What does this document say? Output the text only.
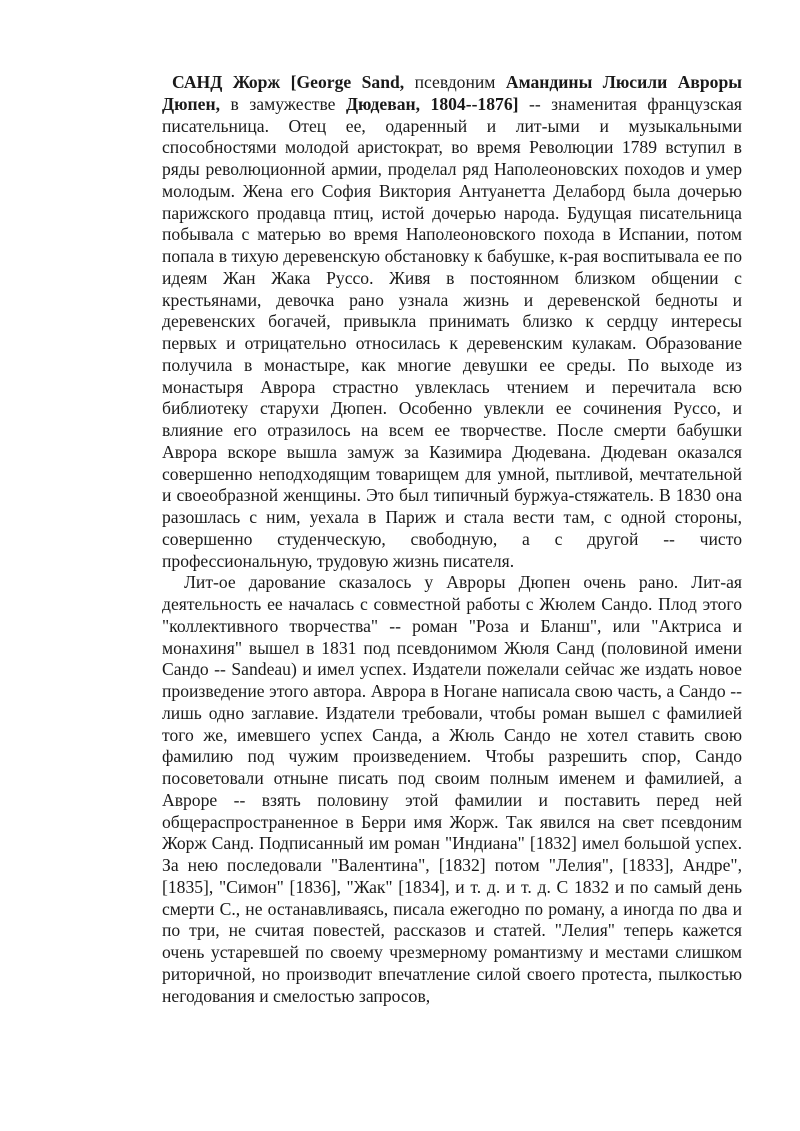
САНД Жорж [George Sand, псевдоним Амандины Люсили Авроры Дюпен, в замужестве Дюдеван, 1804--1876] -- знаменитая французская писательница. Отец ее, одаренный и лит-ыми и музыкальными способностями молодой аристократ, во время Революции 1789 вступил в ряды революционной армии, проделал ряд Наполеоновских походов и умер молодым. Жена его София Виктория Антуанетта Делаборд была дочерью парижского продавца птиц, истой дочерью народа. Будущая писательница побывала с матерью во время Наполеоновского похода в Испании, потом попала в тихую деревенскую обстановку к бабушке, к-рая воспитывала ее по идеям Жан Жака Руссо. Живя в постоянном близком общении с крестьянами, девочка рано узнала жизнь и деревенской бедноты и деревенских богачей, привыкла принимать близко к сердцу интересы первых и отрицательно относилась к деревенским кулакам. Образование получила в монастыре, как многие девушки ее среды. По выходе из монастыря Аврора страстно увлеклась чтением и перечитала всю библиотеку старухи Дюпен. Особенно увлекли ее сочинения Руссо, и влияние его отразилось на всем ее творчестве. После смерти бабушки Аврора вскоре вышла замуж за Казимира Дюдевана. Дюдеван оказался совершенно неподходящим товарищем для умной, пытливой, мечтательной и своеобразной женщины. Это был типичный буржуа-стяжатель. В 1830 она разошлась с ним, уехала в Париж и стала вести там, с одной стороны, совершенно студенческую, свободную, а с другой -- чисто профессиональную, трудовую жизнь писателя.

Лит-ое дарование сказалось у Авроры Дюпен очень рано. Лит-ая деятельность ее началась с совместной работы с Жюлем Сандо. Плод этого "коллективного творчества" -- роман "Роза и Бланш", или "Актриса и монахиня" вышел в 1831 под псевдонимом Жюля Санд (половиной имени Сандо -- Sandeau) и имел успех. Издатели пожелали сейчас же издать новое произведение этого автора. Аврора в Ногане написала свою часть, а Сандо -- лишь одно заглавие. Издатели требовали, чтобы роман вышел с фамилией того же, имевшего успех Санда, а Жюль Сандо не хотел ставить свою фамилию под чужим произведением. Чтобы разрешить спор, Сандо посоветовали отныне писать под своим полным именем и фамилией, а Авроре -- взять половину этой фамилии и поставить перед ней общераспространенное в Берри имя Жорж. Так явился на свет псевдоним Жорж Санд. Подписанный им роман "Индиана" [1832] имел большой успех. За нею последовали "Валентина", [1832] потом "Лелия", [1833], Андре", [1835], "Симон" [1836], "Жак" [1834], и т. д. и т. д. С 1832 и по самый день смерти С., не останавливаясь, писала ежегодно по роману, а иногда по два и по три, не считая повестей, рассказов и статей. "Лелия" теперь кажется очень устаревшей по своему чрезмерному романтизму и местами слишком риторичной, но производит впечатление силой своего протеста, пылкостью негодования и смелостью запросов,
